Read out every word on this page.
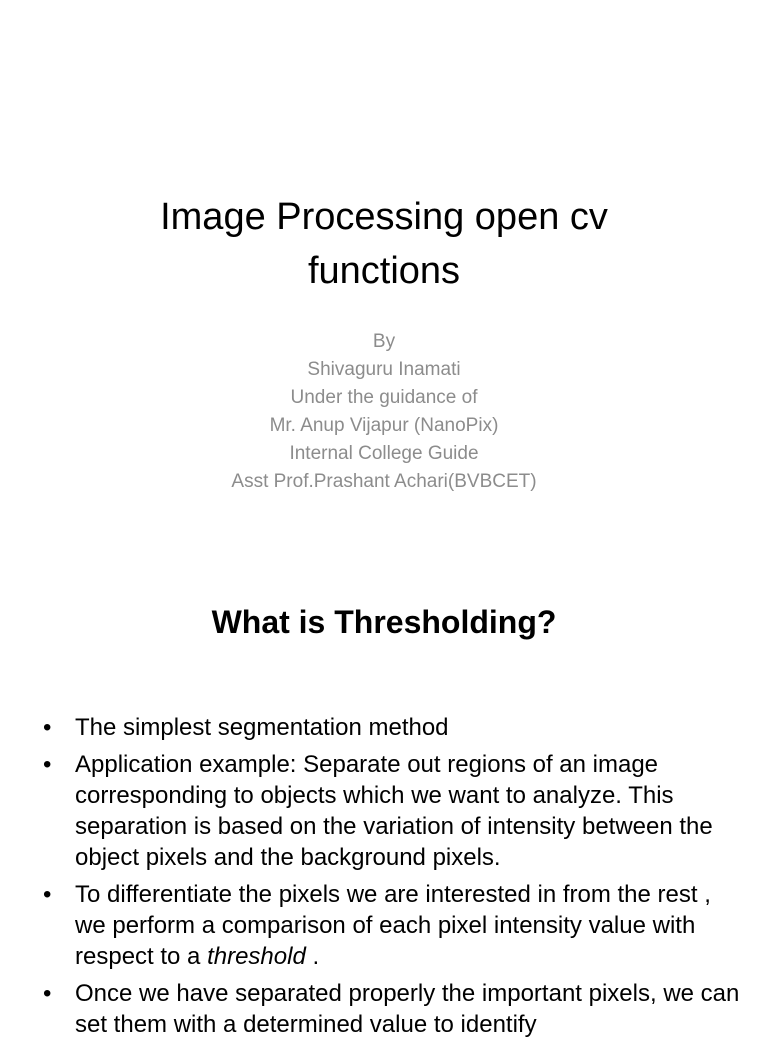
Image Processing open cv
functions
By
Shivaguru Inamati
Under the guidance of
Mr. Anup Vijapur (NanoPix)
Internal College Guide
Asst Prof.Prashant Achari(BVBCET)
What is Thresholding?
• The simplest segmentation method
• Application example: Separate out regions of an image corresponding to objects which we want to analyze. This separation is based on the variation of intensity between the object pixels and the background pixels.
• To differentiate the pixels we are interested in from the rest , we perform a comparison of each pixel intensity value with respect to a threshold .
• Once we have separated properly the important pixels, we can set them with a determined value to identify
